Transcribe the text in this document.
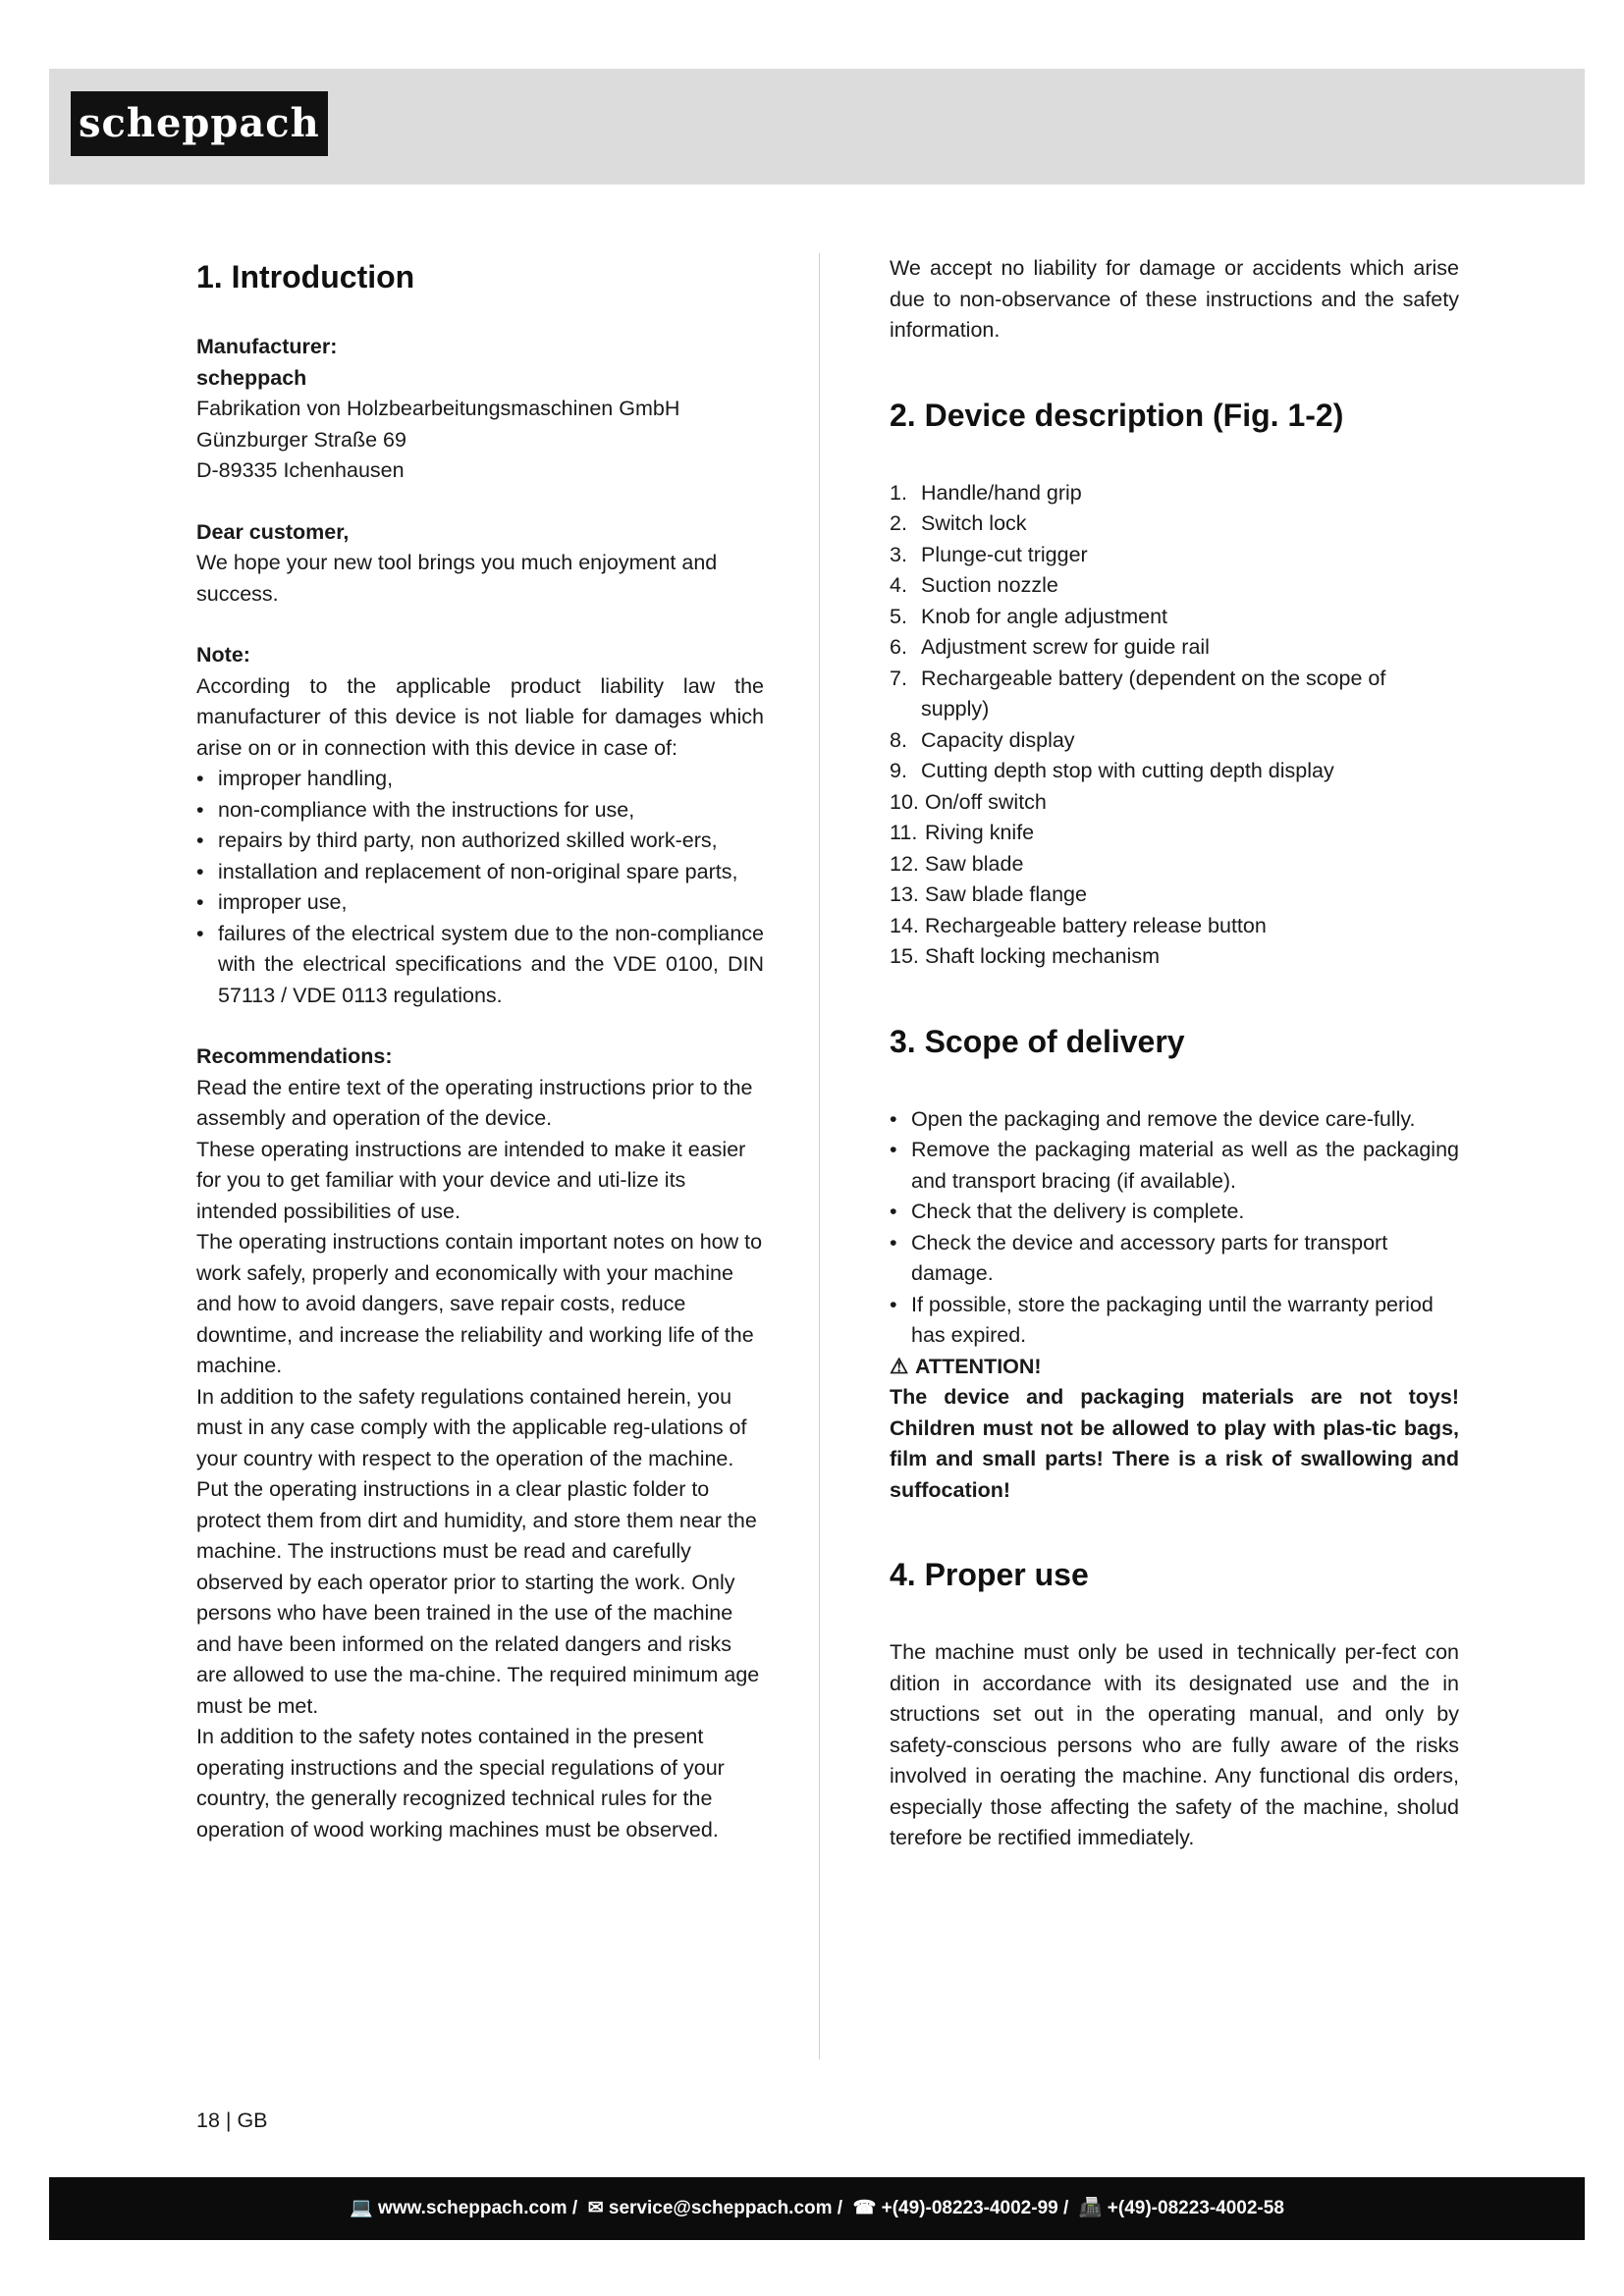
scheppach
1. Introduction

Manufacturer:

scheppach

Fabrikation von Holzbearbeitungsmaschinen GmbH

Günzburger Straße 69

D-89335 Ichenhausen

Dear customer,

We hope your new tool brings you much enjoyment and success.

Note:

According to the applicable product liability law the manufacturer of this device is not liable for damages which arise on or in connection with this device in case of:

• improper handling,
• non-compliance with the instructions for use,
• repairs by third party, non authorized skilled work-ers,
• installation and replacement of non-original spare parts,
• improper use,
• failures of the electrical system due to the non-compliance with the electrical specifications and the VDE 0100, DIN 57113 / VDE 0113 regulations.

Recommendations:

Read the entire text of the operating instructions prior to the assembly and operation of the device.

These operating instructions are intended to make it easier for you to get familiar with your device and uti-lize its intended possibilities of use.

The operating instructions contain important notes on how to work safely, properly and economically with your machine and how to avoid dangers, save repair costs, reduce downtime, and increase the reliability and working life of the machine.

In addition to the safety regulations contained herein, you must in any case comply with the applicable reg-ulations of your country with respect to the operation of the machine.

Put the operating instructions in a clear plastic folder to protect them from dirt and humidity, and store them near the machine. The instructions must be read and carefully observed by each operator prior to starting the work. Only persons who have been trained in the use of the machine and have been informed on the related dangers and risks are allowed to use the ma-chine. The required minimum age must be met.

In addition to the safety notes contained in the present operating instructions and the special regulations of your country, the generally recognized technical rules for the operation of wood working machines must be observed.

We accept no liability for damage or accidents which arise due to non-observance of these instructions and the safety information.

2. Device description (Fig. 1-2)
1. Handle/hand grip
2. Switch lock
3. Plunge-cut trigger
4. Suction nozzle
5. Knob for angle adjustment
6. Adjustment screw for guide rail
7. Rechargeable battery (dependent on the scope of supply)
8. Capacity display
9. Cutting depth stop with cutting depth display
10. On/off switch
11. Riving knife
12. Saw blade
13. Saw blade flange
14. Rechargeable battery release button
15. Shaft locking mechanism
3. Scope of delivery
• Open the packaging and remove the device care-fully.
• Remove the packaging material as well as the packaging and transport bracing (if available).
• Check that the delivery is complete.
• Check the device and accessory parts for transport damage.
• If possible, store the packaging until the warranty period has expired.

⚠ ATTENTION!

The device and packaging materials are not toys! Children must not be allowed to play with plas-tic bags, film and small parts! There is a risk of swallowing and suffocation!

4. Proper use

The machine must only be used in technically per-fect con dition in accordance with its designated use and the in structions set out in the operating manual, and only by safety-conscious persons who are fully aware of the risks involved in oerating the machine. Any functional dis orders, especially those affecting the safety of the machine, sholud terefore be rectified immediately.

18 | GB
💻 www.scheppach.com /  ✉ service@scheppach.com /  ☎ +(49)-08223-4002-99 /  📠 +(49)-08223-4002-58
